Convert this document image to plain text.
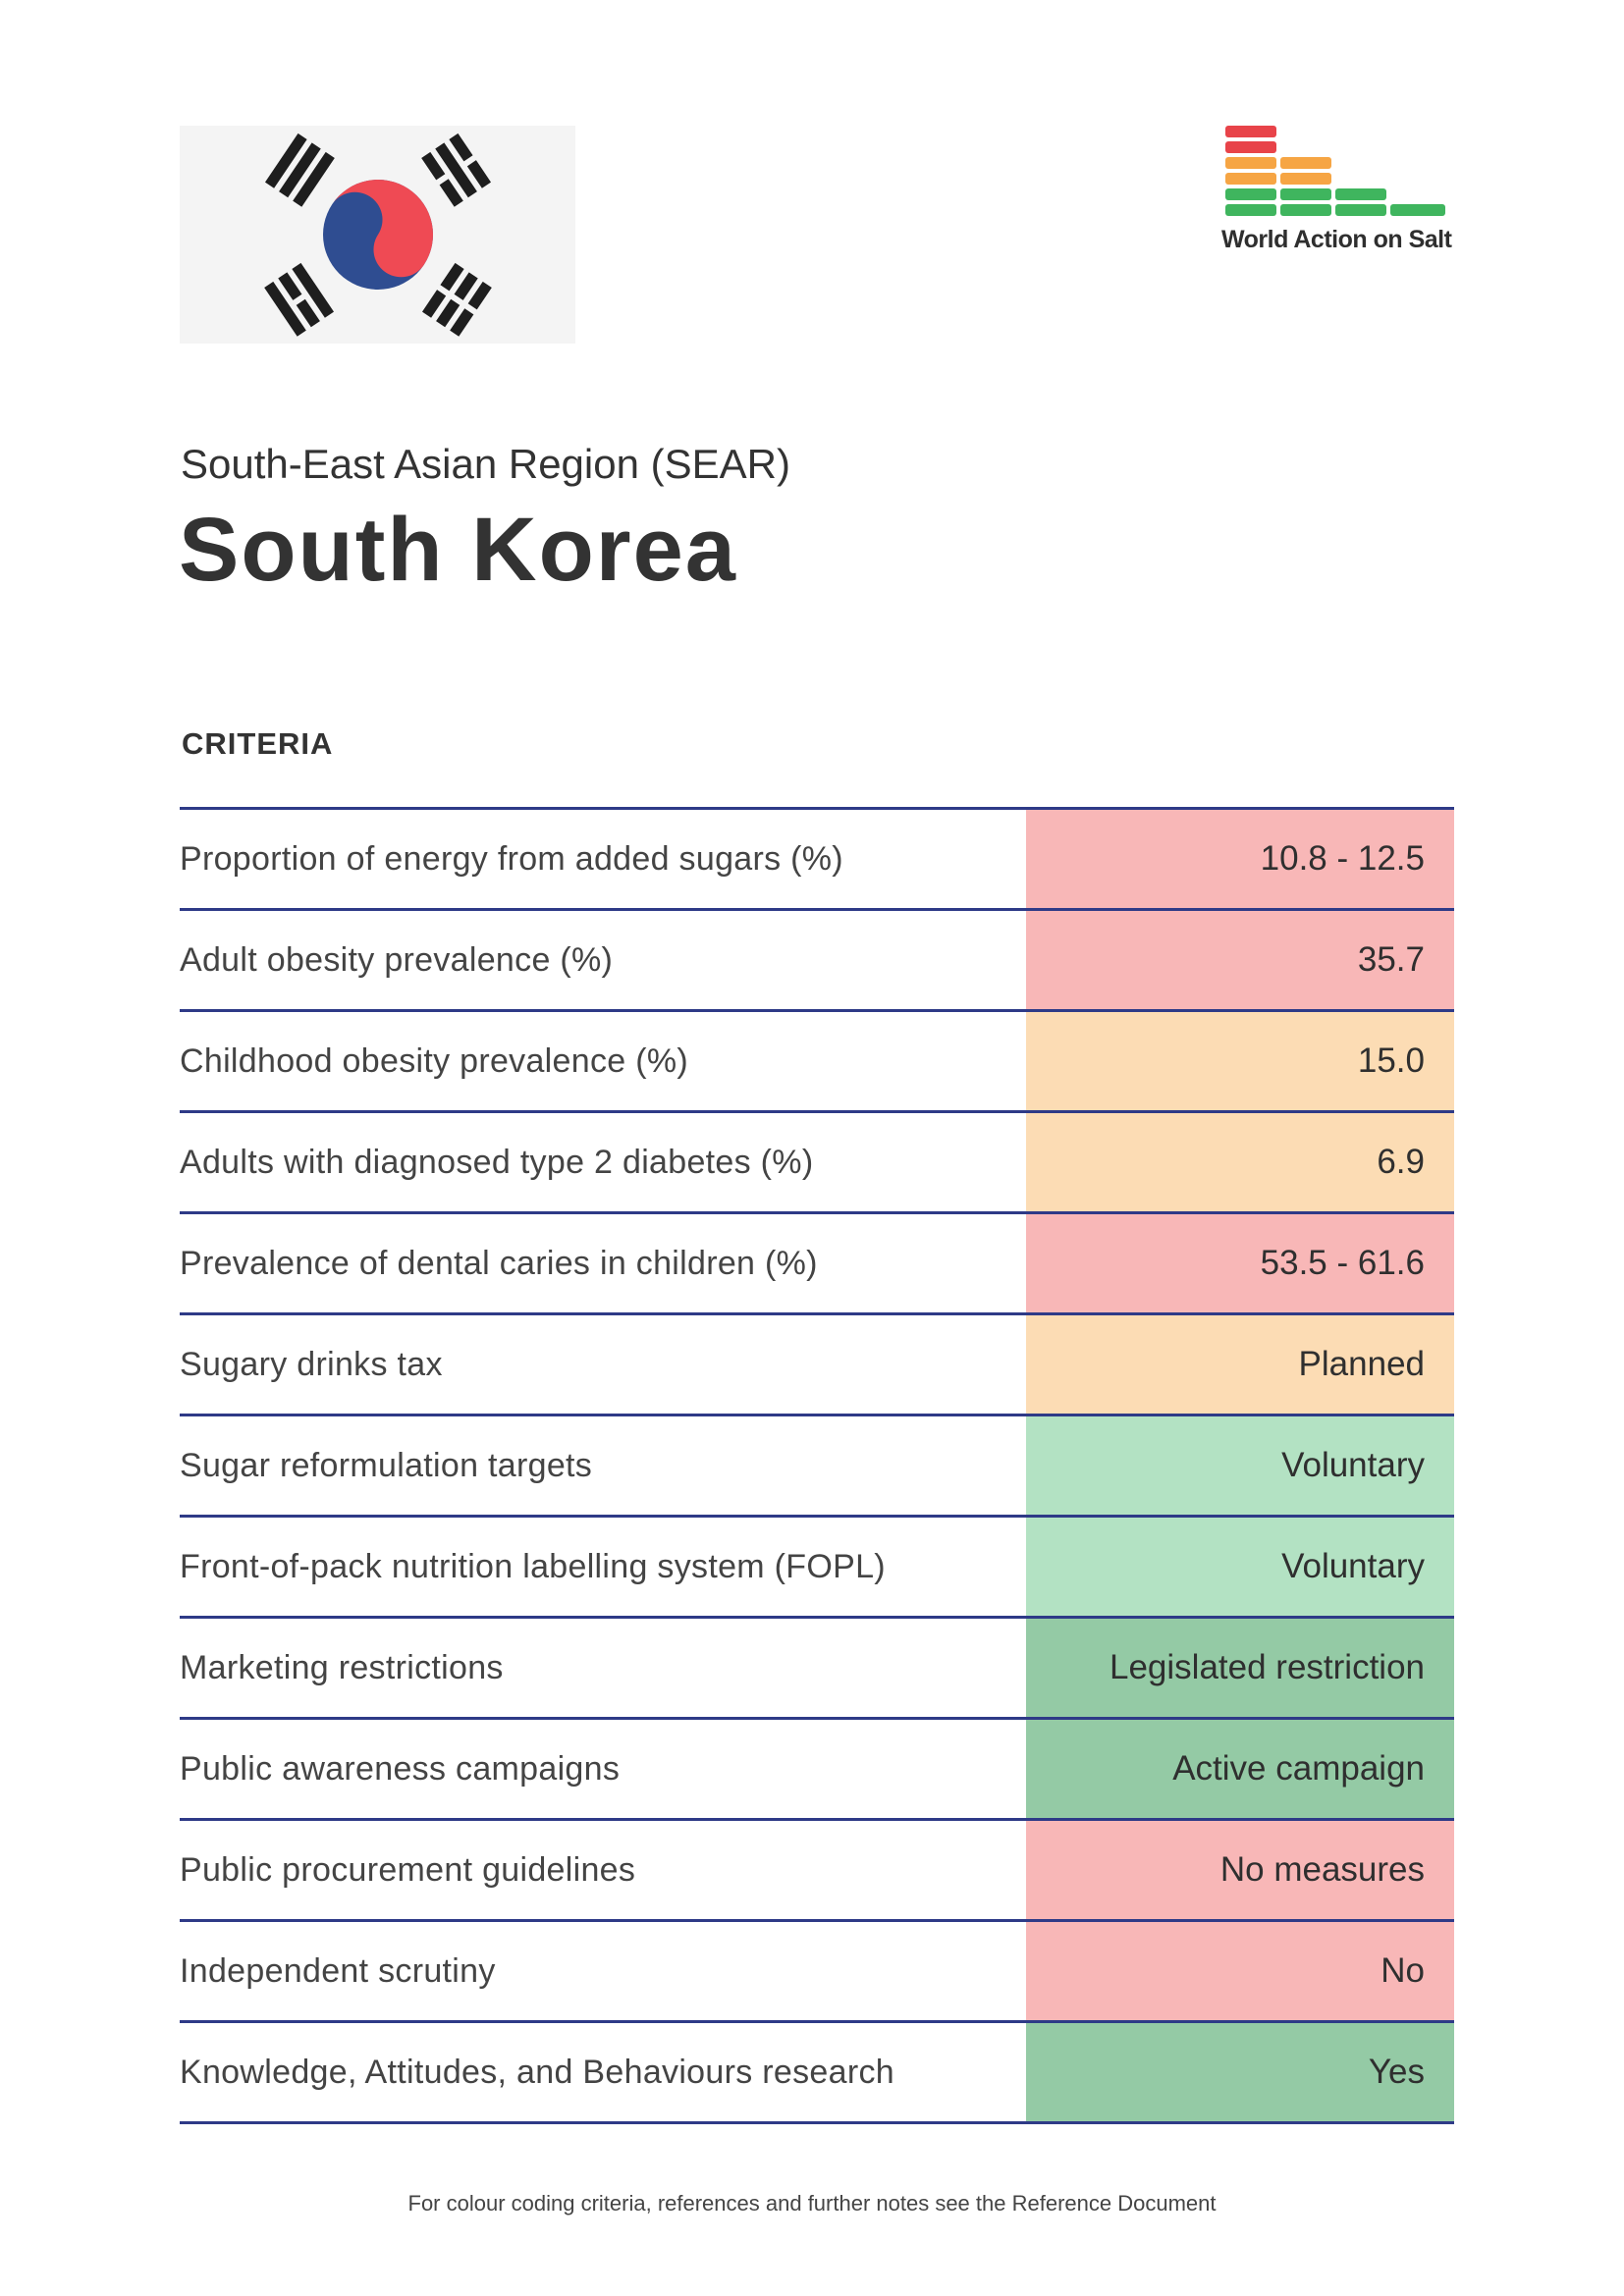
World Action on Salt
South-East Asian Region (SEAR)
South Korea
CRITERIA
Proportion of energy from added sugars (%)	10.8 - 12.5
Adult obesity prevalence (%)	35.7
Childhood obesity prevalence (%)	15.0
Adults with diagnosed type 2 diabetes (%)	6.9
Prevalence of dental caries in children (%)	53.5 - 61.6
Sugary drinks tax	Planned
Sugar reformulation targets	Voluntary
Front-of-pack nutrition labelling system (FOPL)	Voluntary
Marketing restrictions	Legislated restriction
Public awareness campaigns	Active campaign
Public procurement guidelines	No measures
Independent scrutiny	No
Knowledge, Attitudes, and Behaviours research	Yes
For colour coding criteria, references and further notes see the Reference Document
